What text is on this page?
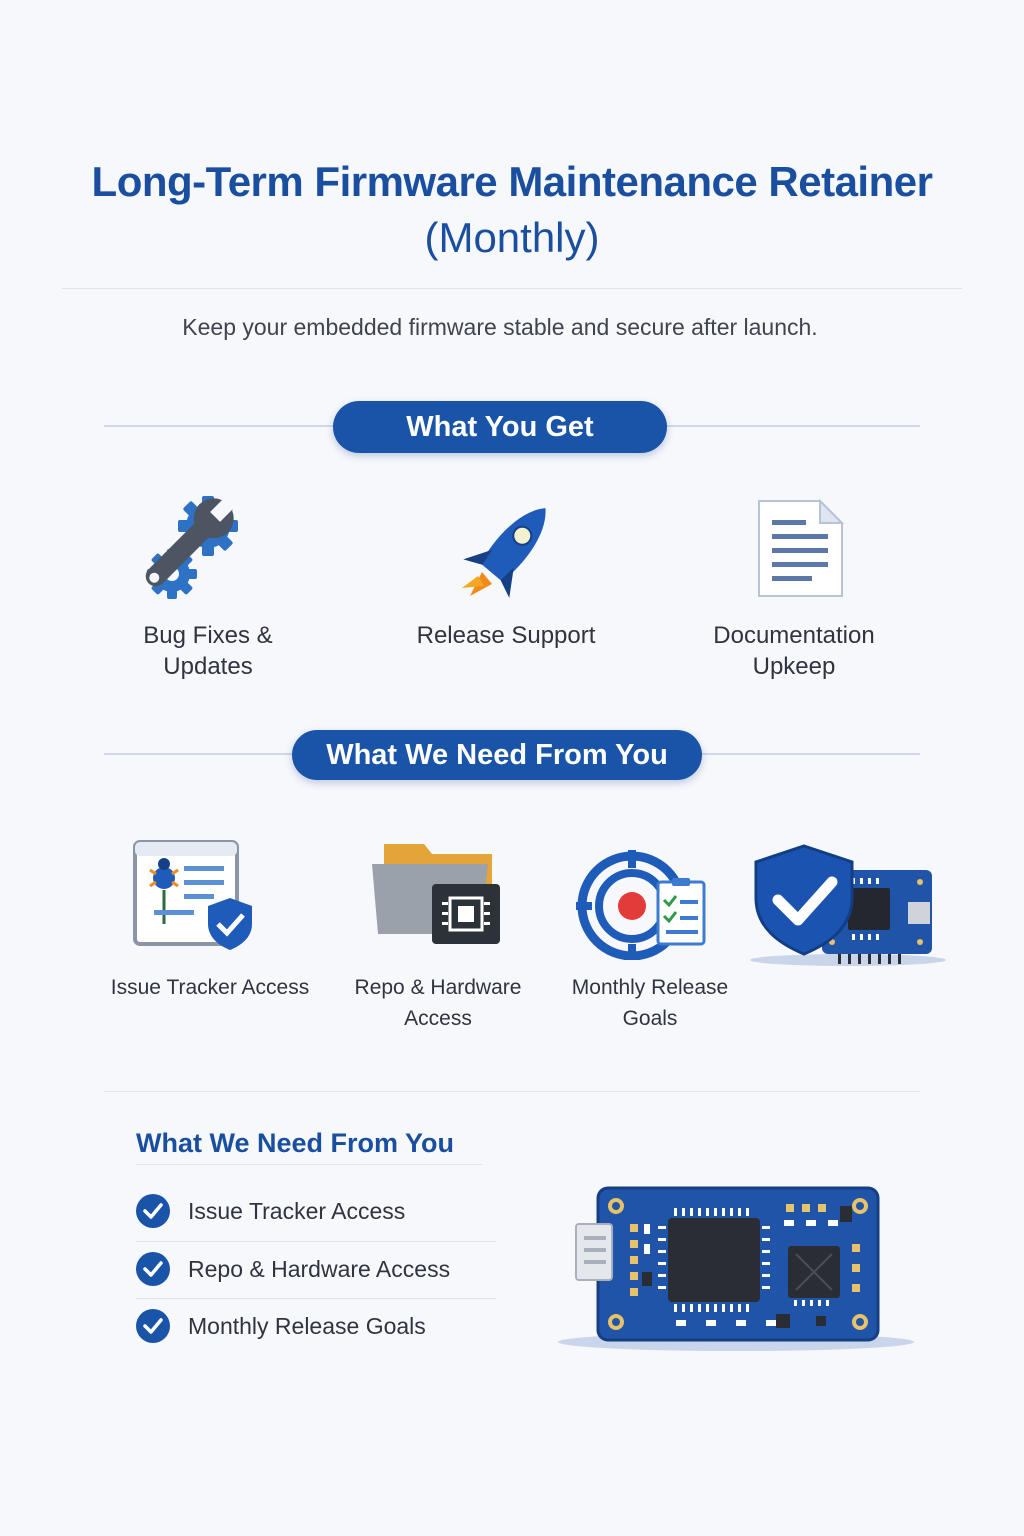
Long-Term Firmware Maintenance Retainer
(Monthly)
Keep your embedded firmware stable and secure after launch.
What You Get
Bug Fixes &
Updates
Release Support	Documentation
Upkeep
What We Need From You
Issue Tracker Access	Repo & Hardware
Access
Monthly Release
Goals
What We Need From You
Issue Tracker Access
Repo & Hardware Access
Monthly Release Goals
